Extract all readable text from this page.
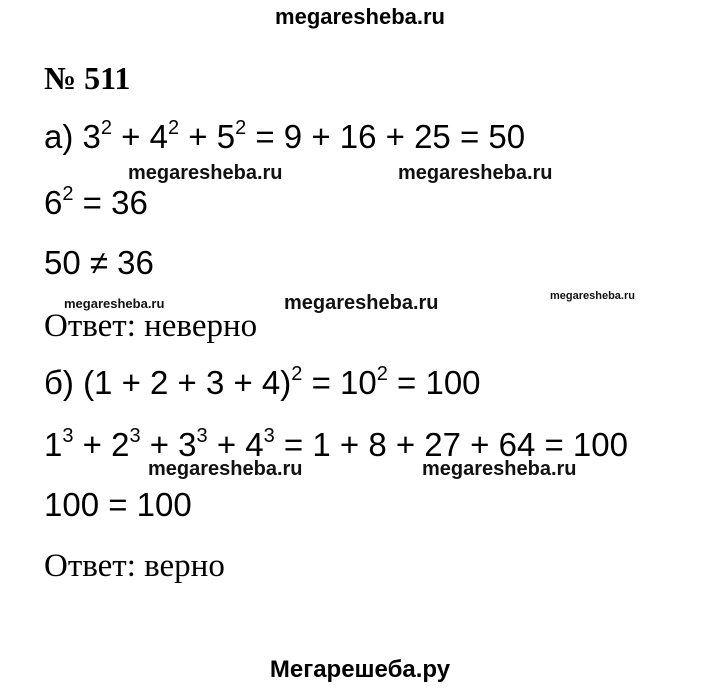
megaresheba.ru
№ 511
а) $3^2 + 4^2 + 5^2 = 9 + 16 + 25 = 50$
megaresheba.ru	megaresheba.ru
$6^2 = 36$
50 ≠ 36
megaresheba.ru	megaresheba.ru	megaresheba.ru
Ответ: неверно
б) $(1 + 2 + 3 + 4)^2 = 10^2 = 100$
$1^3 + 2^3 + 3^3 + 4^3 = 1 + 8 + 27 + 64 = 100$
megaresheba.ru	megaresheba.ru
100 = 100
Ответ: верно
Мегарешеба.ру
